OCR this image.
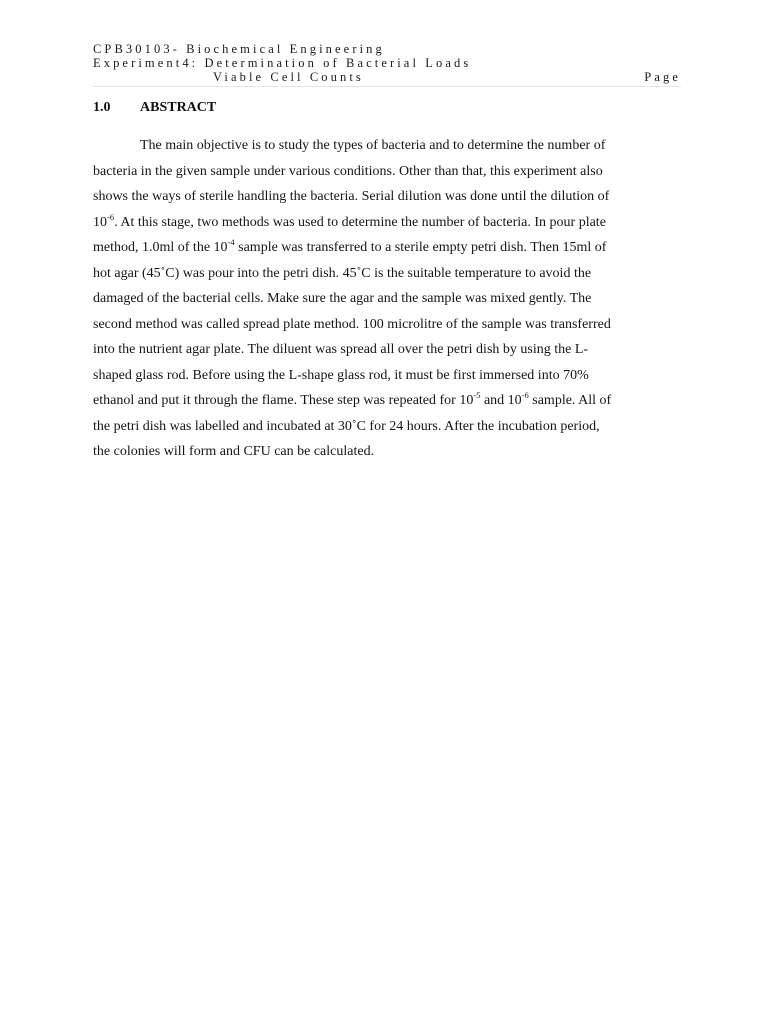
CPB30103- Biochemical Engineering
Experiment4: Determination of Bacterial Loads
Viable Cell Counts	Page
1.0 ABSTRACT
The main objective is to study the types of bacteria and to determine the number of
bacteria in the given sample under various conditions. Other than that, this experiment also
shows the ways of sterile handling the bacteria. Serial dilution was done until the dilution of
$10^{-6}$. At this stage, two methods was used to determine the number of bacteria. In pour plate
method, 1.0ml of the $10^{-4}$ sample was transferred to a sterile empty petri dish. Then 15ml of
hot agar (45˚C) was pour into the petri dish. 45˚C is the suitable temperature to avoid the
damaged of the bacterial cells. Make sure the agar and the sample was mixed gently. The
second method was called spread plate method. 100 microlitre of the sample was transferred
into the nutrient agar plate. The diluent was spread all over the petri dish by using the L-
shaped glass rod. Before using the L-shape glass rod, it must be first immersed into 70%
ethanol and put it through the flame. These step was repeated for $10^{-5}$ and $10^{-6}$ sample. All of
the petri dish was labelled and incubated at 30˚C for 24 hours. After the incubation period,
the colonies will form and CFU can be calculated.
